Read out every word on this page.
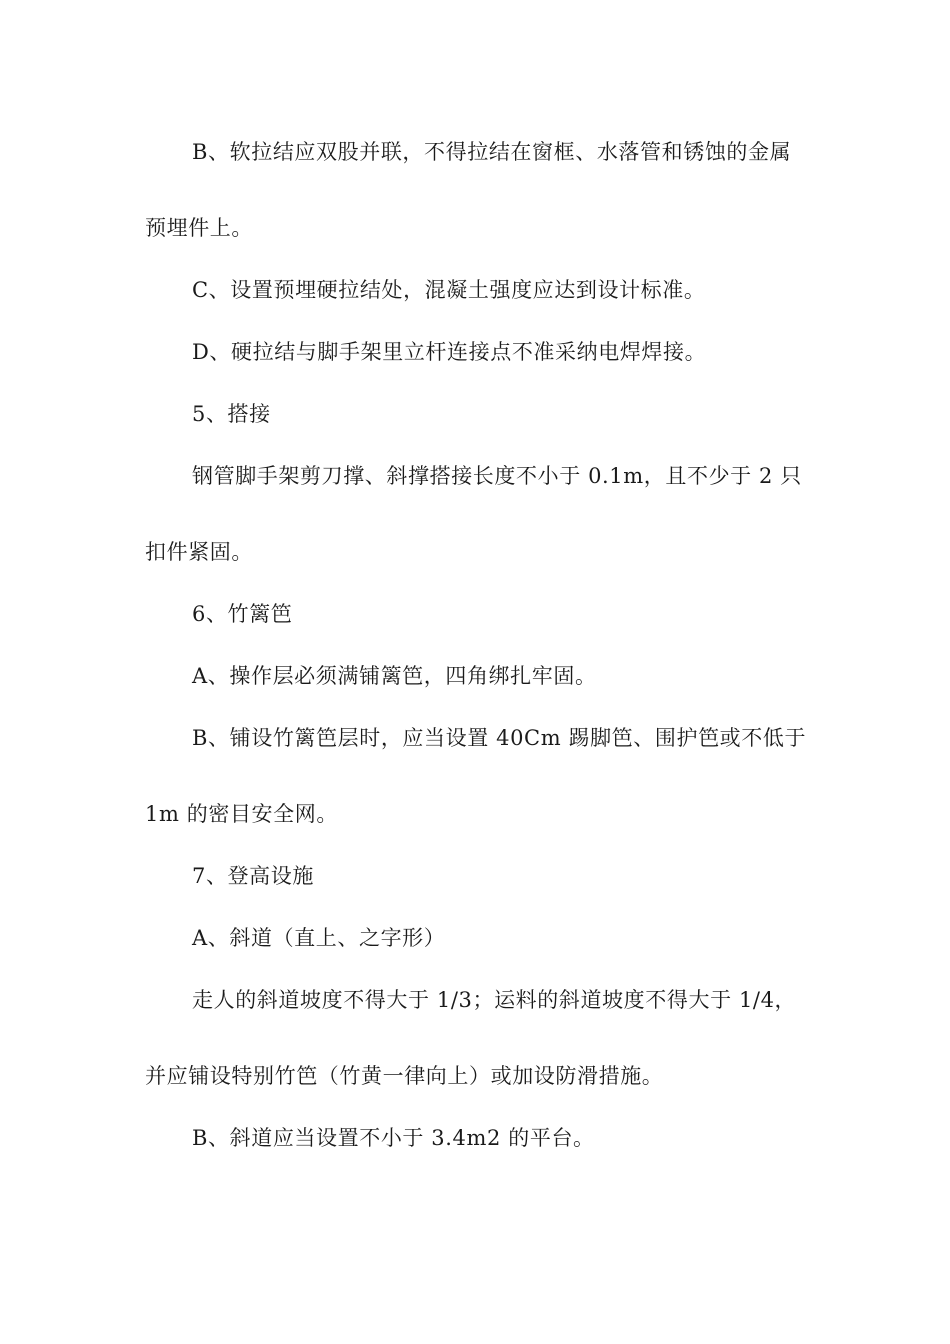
B、软拉结应双股并联，不得拉结在窗框、水落管和锈蚀的金属
预埋件上。
C、设置预埋硬拉结处，混凝土强度应达到设计标准。
D、硬拉结与脚手架里立杆连接点不准采纳电焊焊接。
5、搭接
钢管脚手架剪刀撑、斜撑搭接长度不小于 0.1m，且不少于 2 只
扣件紧固。
6、竹篱笆
A、操作层必须满铺篱笆，四角绑扎牢固。
B、铺设竹篱笆层时，应当设置 40Cm 踢脚笆、围护笆或不低于
1m 的密目安全网。
7、登高设施
A、斜道（直上、之字形）
走人的斜道坡度不得大于 1/3；运料的斜道坡度不得大于 1/4，
并应铺设特别竹笆（竹黄一律向上）或加设防滑措施。
B、斜道应当设置不小于 3.4m2 的平台。
